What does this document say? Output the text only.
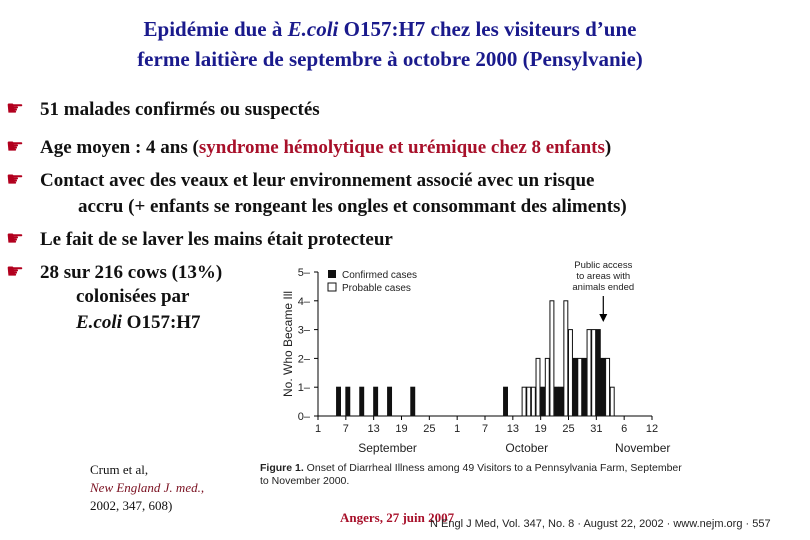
Epidémie due à E.coli O157:H7 chez les visiteurs d’une
ferme laitière de septembre à octobre 2000 (Pensylvanie)
☛ 51 malades confirmés ou suspectés
☛ Age moyen : 4 ans (syndrome hémolytique et urémique chez 8 enfants)
☛ Contact avec des veaux et leur environnement associé avec un risque
accru (+ enfants se rongeant les ongles et consommant des aliments)
☛ Le fait de se laver les mains était protecteur
☛ 28 sur 216 cows (13%)
colonisées par
E.coli O157:H7
0–
1–
2–
3–
4–
5–
No. Who Became Ill
1 7 13 19 25 1 7 13 19 25 31 6 12
September	October	November
Confirmed cases
Probable cases
Public access
to areas with
animals ended
Figure 1. Onset of Diarrheal Illness among 49 Visitors to a Pennsylvania Farm, September
to November 2000.
Crum et al,
New England J. med.,
2002, 347, 608)
Angers, 27 juin 2007
N Engl J Med, Vol. 347, No. 8 · August 22, 2002 · www.nejm.org · 557
